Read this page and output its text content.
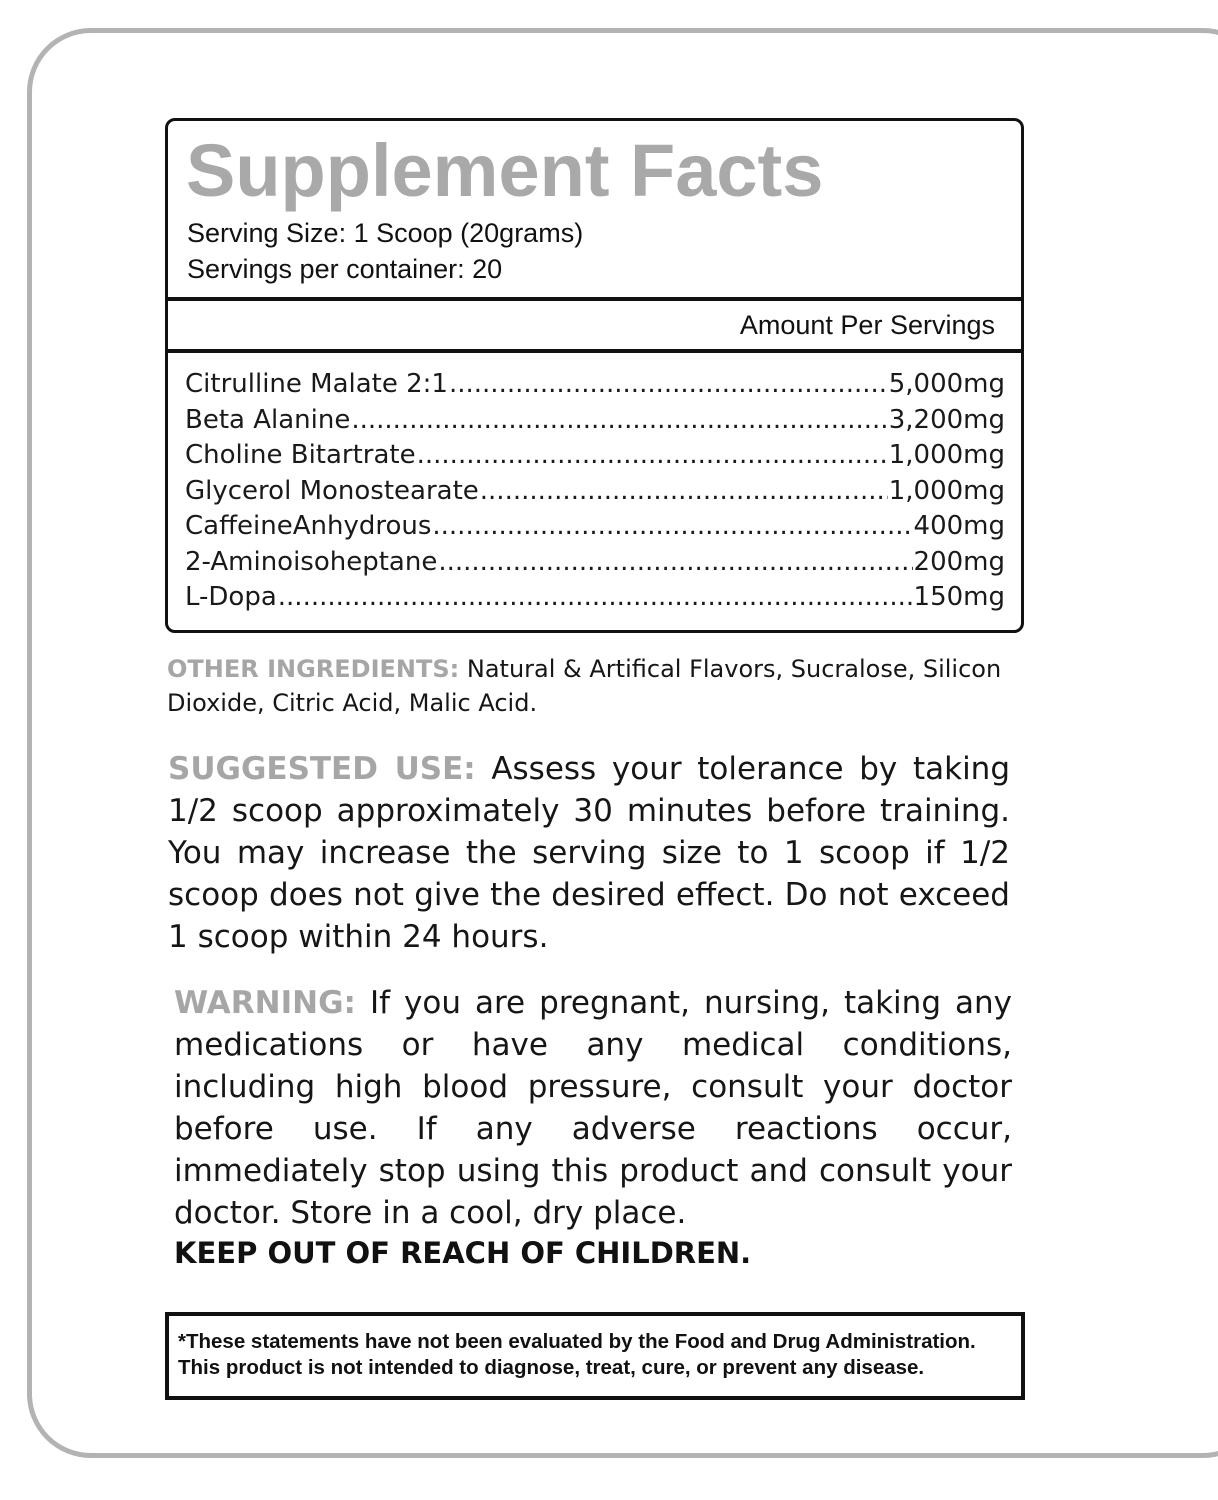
Supplement Facts
Serving Size: 1 Scoop (20grams)
Servings per container: 20
Amount Per Servings
Citrulline Malate 2:1 .....	5,000mg
Beta Alanine .....	3,200mg
Choline Bitartrate .....	1,000mg
Glycerol Monostearate .....	1,000mg
CaffeineAnhydrous .....	400mg
2-Aminoisoheptane .....	200mg
L-Dopa .....	150mg

OTHER INGREDIENTS: Natural & Artifical Flavors, Sucralose, Silicon Dioxide, Citric Acid, Malic Acid.

SUGGESTED USE: Assess your tolerance by taking 1/2 scoop approximately 30 minutes before training. You may increase the serving size to 1 scoop if 1/2 scoop does not give the desired effect. Do not exceed 1 scoop within 24 hours.

WARNING: If you are pregnant, nursing, taking any medications or have any medical conditions, including high blood pressure, consult your doctor before use. If any adverse reactions occur, immediately stop using this product and consult your doctor. Store in a cool, dry place.

KEEP OUT OF REACH OF CHILDREN.
*These statements have not been evaluated by the Food and Drug Administration.
This product is not intended to diagnose, treat, cure, or prevent any disease.
